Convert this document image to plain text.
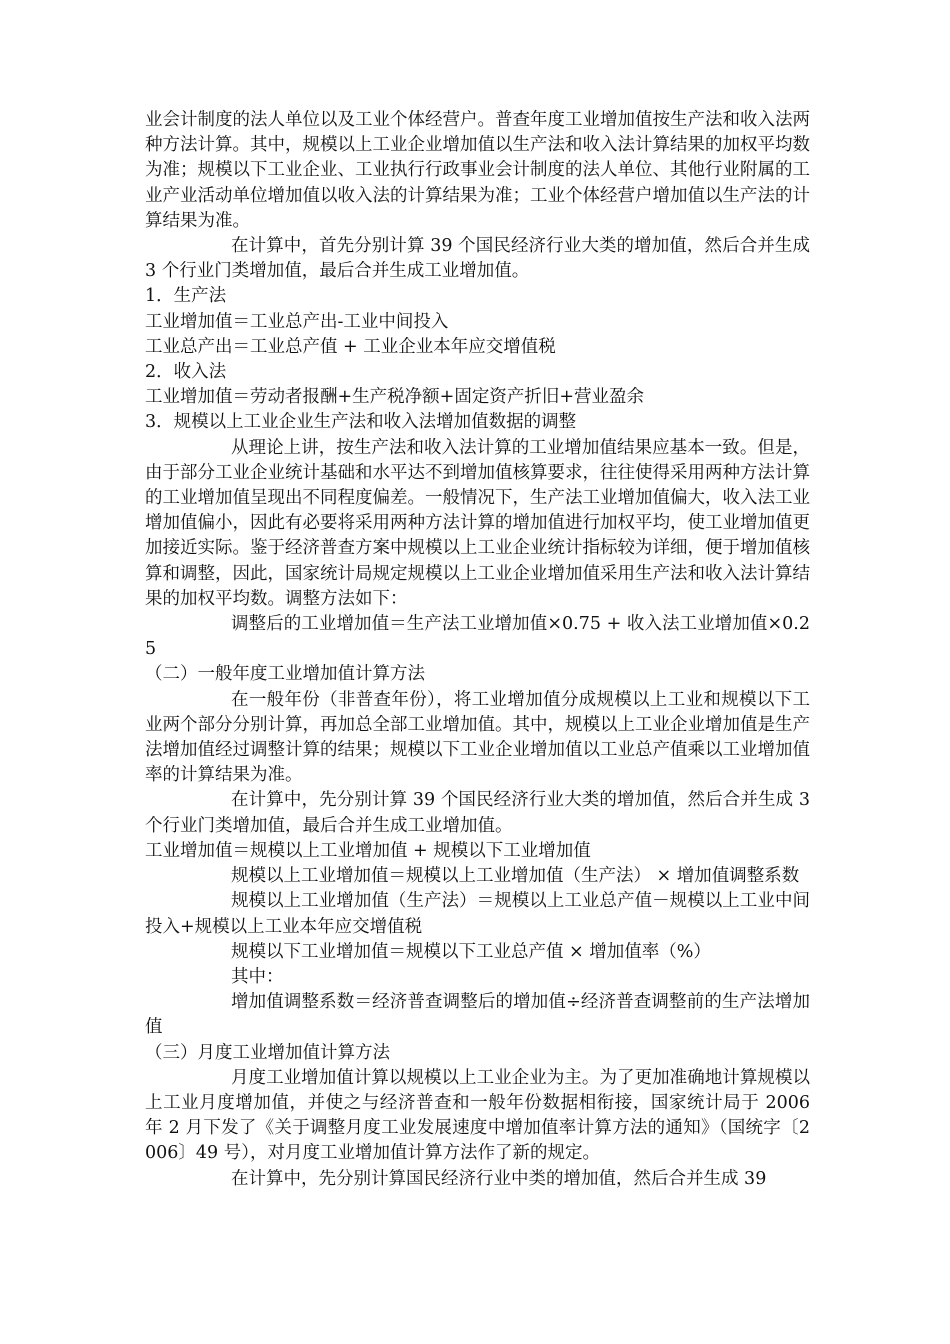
业会计制度的法人单位以及工业个体经营户。普查年度工业增加值按生产法和收入法两种方法计算。其中，规模以上工业企业增加值以生产法和收入法计算结果的加权平均数为准；规模以下工业企业、工业执行行政事业会计制度的法人单位、其他行业附属的工业产业活动单位增加值以收入法的计算结果为准；工业个体经营户增加值以生产法的计算结果为准。

在计算中，首先分别计算 39 个国民经济行业大类的增加值，然后合并生成 3 个行业门类增加值，最后合并生成工业增加值。

1．生产法

工业增加值＝工业总产出-工业中间投入

工业总产出＝工业总产值 + 工业企业本年应交增值税

2．收入法

工业增加值＝劳动者报酬+生产税净额+固定资产折旧+营业盈余

3．规模以上工业企业生产法和收入法增加值数据的调整

从理论上讲，按生产法和收入法计算的工业增加值结果应基本一致。但是，由于部分工业企业统计基础和水平达不到增加值核算要求，往往使得采用两种方法计算的工业增加值呈现出不同程度偏差。一般情况下，生产法工业增加值偏大，收入法工业增加值偏小，因此有必要将采用两种方法计算的增加值进行加权平均，使工业增加值更加接近实际。鉴于经济普查方案中规模以上工业企业统计指标较为详细，便于增加值核算和调整，因此，国家统计局规定规模以上工业企业增加值采用生产法和收入法计算结果的加权平均数。调整方法如下：

调整后的工业增加值＝生产法工业增加值×0.75 + 收入法工业增加值×0.25

（二）一般年度工业增加值计算方法

在一般年份（非普查年份），将工业增加值分成规模以上工业和规模以下工业两个部分分别计算，再加总全部工业增加值。其中，规模以上工业企业增加值是生产法增加值经过调整计算的结果；规模以下工业企业增加值以工业总产值乘以工业增加值率的计算结果为准。

在计算中，先分别计算 39 个国民经济行业大类的增加值，然后合并生成 3 个行业门类增加值，最后合并生成工业增加值。

工业增加值＝规模以上工业增加值 + 规模以下工业增加值

规模以上工业增加值＝规模以上工业增加值（生产法） × 增加值调整系数

规模以上工业增加值（生产法）＝规模以上工业总产值－规模以上工业中间投入+规模以上工业本年应交增值税

规模以下工业增加值＝规模以下工业总产值 × 增加值率（%）

其中：

增加值调整系数＝经济普查调整后的增加值÷经济普查调整前的生产法增加值

（三）月度工业增加值计算方法

月度工业增加值计算以规模以上工业企业为主。为了更加准确地计算规模以上工业月度增加值，并使之与经济普查和一般年份数据相衔接，国家统计局于 2006 年 2 月下发了《关于调整月度工业发展速度中增加值率计算方法的通知》（国统字〔2006〕49 号），对月度工业增加值计算方法作了新的规定。

在计算中，先分别计算国民经济行业中类的增加值，然后合并生成 39
